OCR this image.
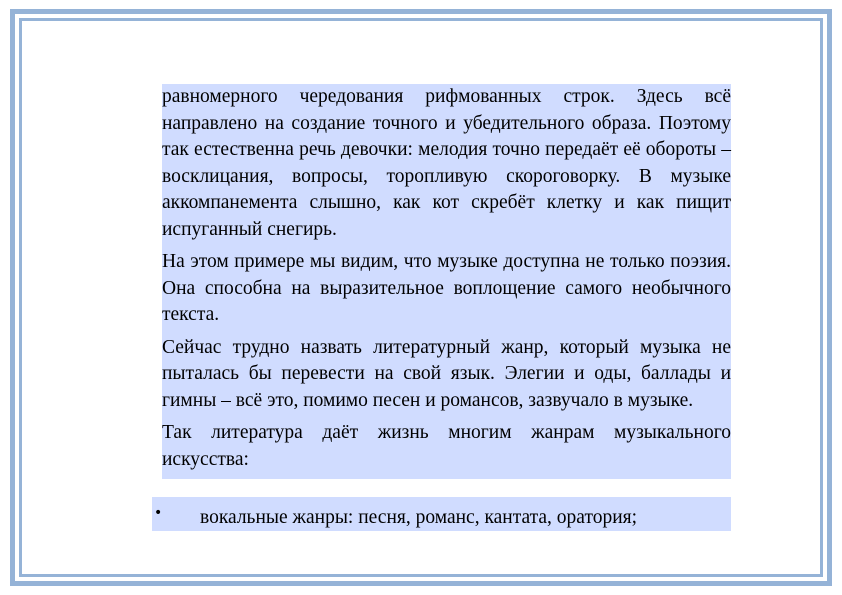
равномерного чередования рифмованных строк. Здесь всё направлено на создание точного и убедительного образа. Поэтому так естественна речь девочки: мелодия точно передаёт её обороты – восклицания, вопросы, торопливую скороговорку. В музыке аккомпанемента слышно, как кот скребёт клетку и как пищит испуганный снегирь.

На этом примере мы видим, что музыке доступна не только поэзия. Она способна на выразительное воплощение самого необычного текста.

Сейчас трудно назвать литературный жанр, который музыка не пыталась бы перевести на свой язык. Элегии и оды, баллады и гимны – всё это, помимо песен и романсов, зазвучало в музыке.

Так литература даёт жизнь многим жанрам музыкального искусства:

• вокальные жанры: песня, романс, кантата, оратория;
